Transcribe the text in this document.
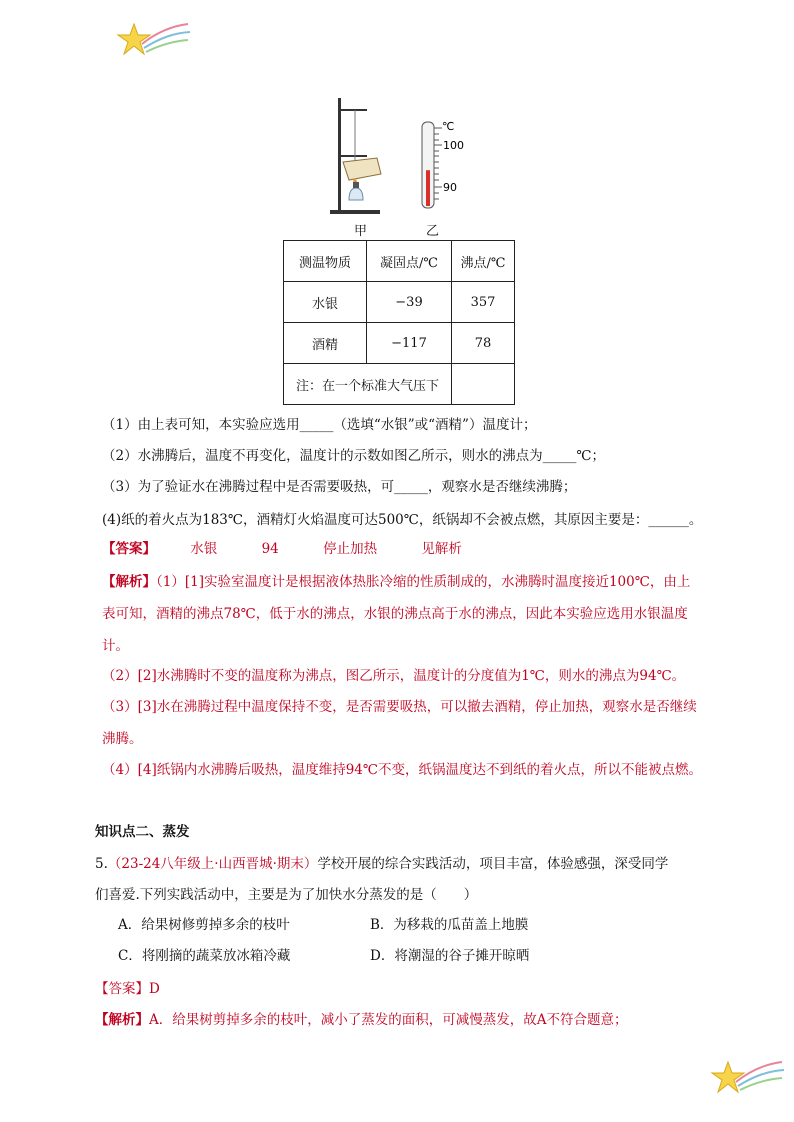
℃
100
90
甲	乙
测温物质	凝固点/℃	沸点/℃
水银	−39	357
酒精	−117	78
注：在一个标准大气压下		
（1）由上表可知，本实验应选用_____（选填“水银”或“酒精”）温度计；
（2）水沸腾后，温度不再变化，温度计的示数如图乙所示，则水的沸点为_____℃；
（3）为了验证水在沸腾过程中是否需要吸热，可_____，观察水是否继续沸腾；
(4)纸的着火点为183℃，酒精灯火焰温度可达500℃，纸锅却不会被点燃，其原因主要是：______。
【答案】	水银	94	停止加热	见解析
【解析】（1）[1]实验室温度计是根据液体热胀冷缩的性质制成的，水沸腾时温度接近100℃，由上
表可知，酒精的沸点78℃，低于水的沸点，水银的沸点高于水的沸点，因此本实验应选用水银温度
计。
（2）[2]水沸腾时不变的温度称为沸点，图乙所示，温度计的分度值为1℃，则水的沸点为94℃。
（3）[3]水在沸腾过程中温度保持不变，是否需要吸热，可以撤去酒精，停止加热，观察水是否继续
沸腾。
（4）[4]纸锅内水沸腾后吸热，温度维持94℃不变，纸锅温度达不到纸的着火点，所以不能被点燃。
知识点二、蒸发
5.（23-24八年级上·山西晋城·期末）学校开展的综合实践活动，项目丰富，体验感强，深受同学
们喜爱.下列实践活动中，主要是为了加快水分蒸发的是（　　）
A．给果树修剪掉多余的枝叶	B．为移栽的瓜苗盖上地膜
C．将刚摘的蔬菜放冰箱冷藏	D．将潮湿的谷子摊开晾晒
【答案】D
【解析】A．给果树剪掉多余的枝叶，减小了蒸发的面积，可减慢蒸发，故A不符合题意；
